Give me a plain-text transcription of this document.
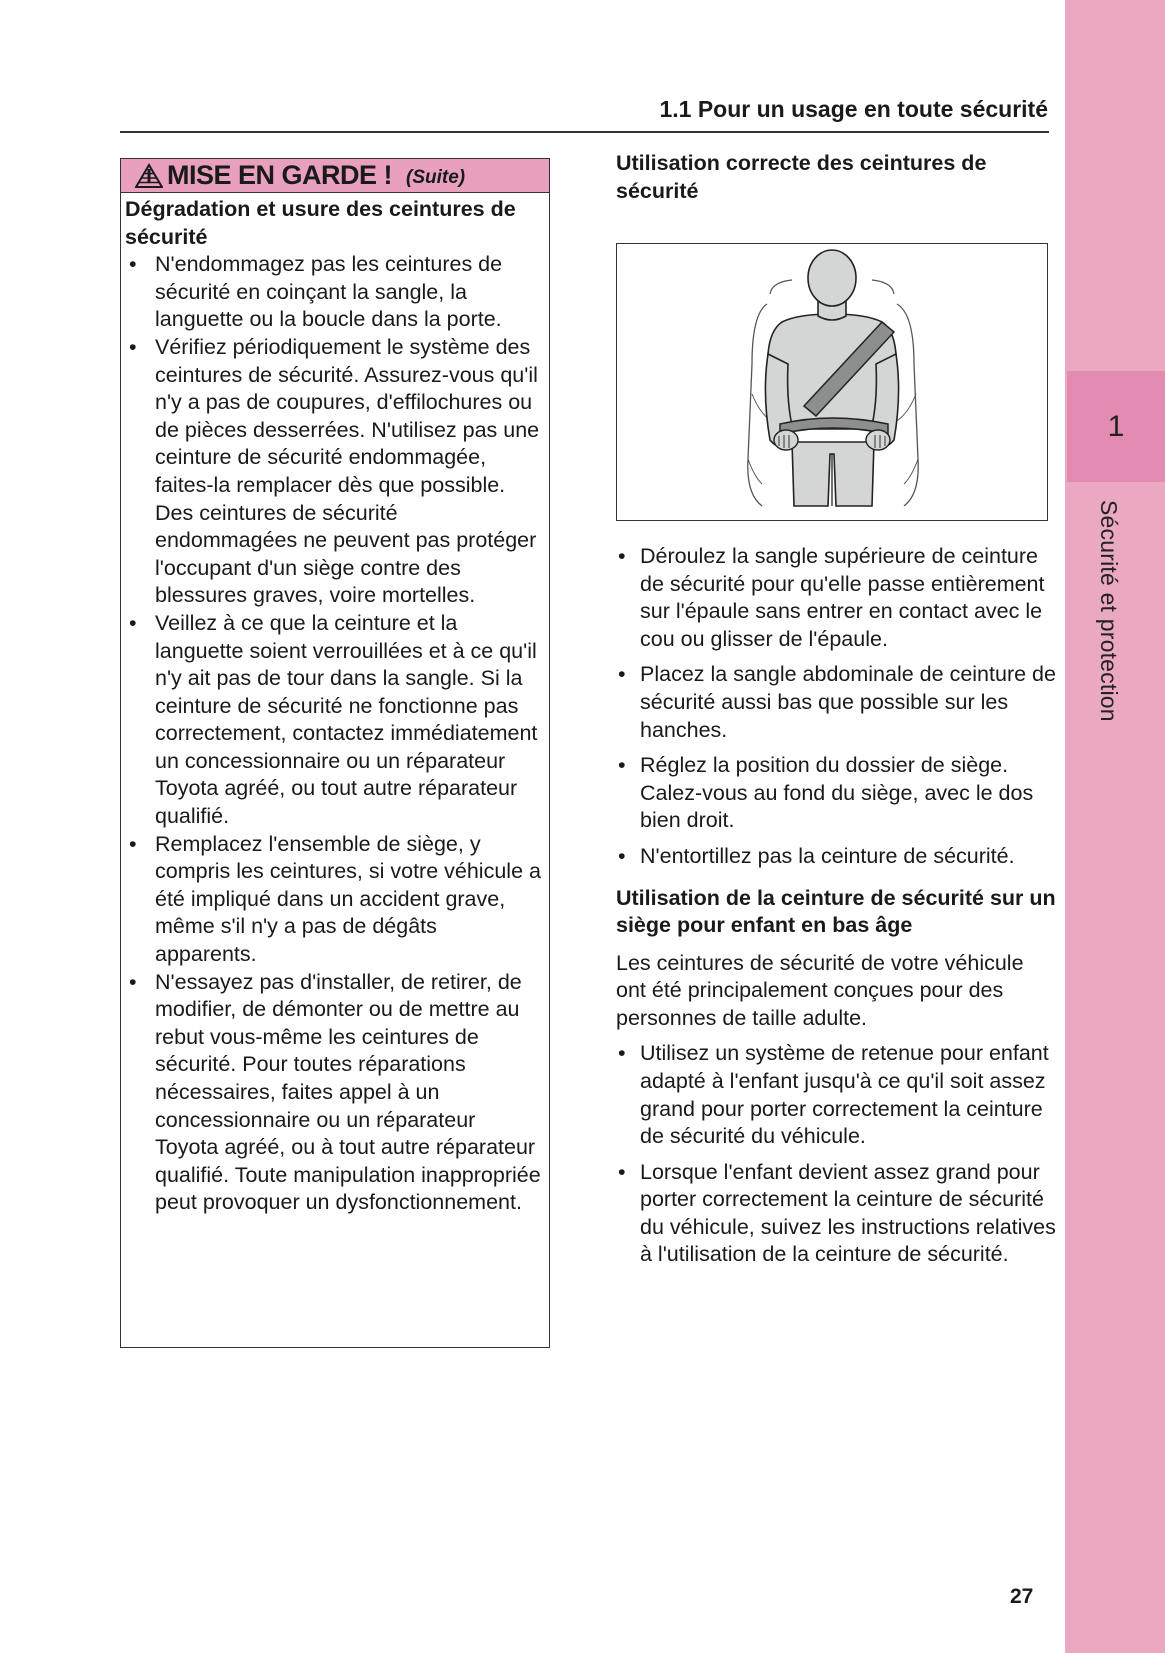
1
Sécurité et protection
1.1 Pour un usage en toute sécurité
MISE EN GARDE ! (Suite)
Dégradation et usure des ceintures de sécurité
• N'endommagez pas les ceintures de sécurité en coinçant la sangle, la languette ou la boucle dans la porte.
• Vérifiez périodiquement le système des ceintures de sécurité. Assurez-vous qu'il n'y a pas de coupures, d'effilochures ou de pièces desserrées. N'utilisez pas une ceinture de sécurité endommagée, faites-la remplacer dès que possible. Des ceintures de sécurité endommagées ne peuvent pas protéger l'occupant d'un siège contre des blessures graves, voire mortelles.
• Veillez à ce que la ceinture et la languette soient verrouillées et à ce qu'il n'y ait pas de tour dans la sangle. Si la ceinture de sécurité ne fonctionne pas correctement, contactez immédiatement un concessionnaire ou un réparateur Toyota agréé, ou tout autre réparateur qualifié.
• Remplacez l'ensemble de siège, y compris les ceintures, si votre véhicule a été impliqué dans un accident grave, même s'il n'y a pas de dégâts apparents.
• N'essayez pas d'installer, de retirer, de modifier, de démonter ou de mettre au rebut vous-même les ceintures de sécurité. Pour toutes réparations nécessaires, faites appel à un concessionnaire ou un réparateur Toyota agréé, ou à tout autre réparateur qualifié. Toute manipulation inappropriée peut provoquer un dysfonctionnement.
Utilisation correcte des ceintures de sécurité
• Déroulez la sangle supérieure de ceinture de sécurité pour qu'elle passe entièrement sur l'épaule sans entrer en contact avec le cou ou glisser de l'épaule.
• Placez la sangle abdominale de ceinture de sécurité aussi bas que possible sur les hanches.
• Réglez la position du dossier de siège. Calez-vous au fond du siège, avec le dos bien droit.
• N'entortillez pas la ceinture de sécurité.
Utilisation de la ceinture de sécurité sur un siège pour enfant en bas âge
Les ceintures de sécurité de votre véhicule ont été principalement conçues pour des personnes de taille adulte.
• Utilisez un système de retenue pour enfant adapté à l'enfant jusqu'à ce qu'il soit assez grand pour porter correctement la ceinture de sécurité du véhicule.
• Lorsque l'enfant devient assez grand pour porter correctement la ceinture de sécurité du véhicule, suivez les instructions relatives à l'utilisation de la ceinture de sécurité.
27
